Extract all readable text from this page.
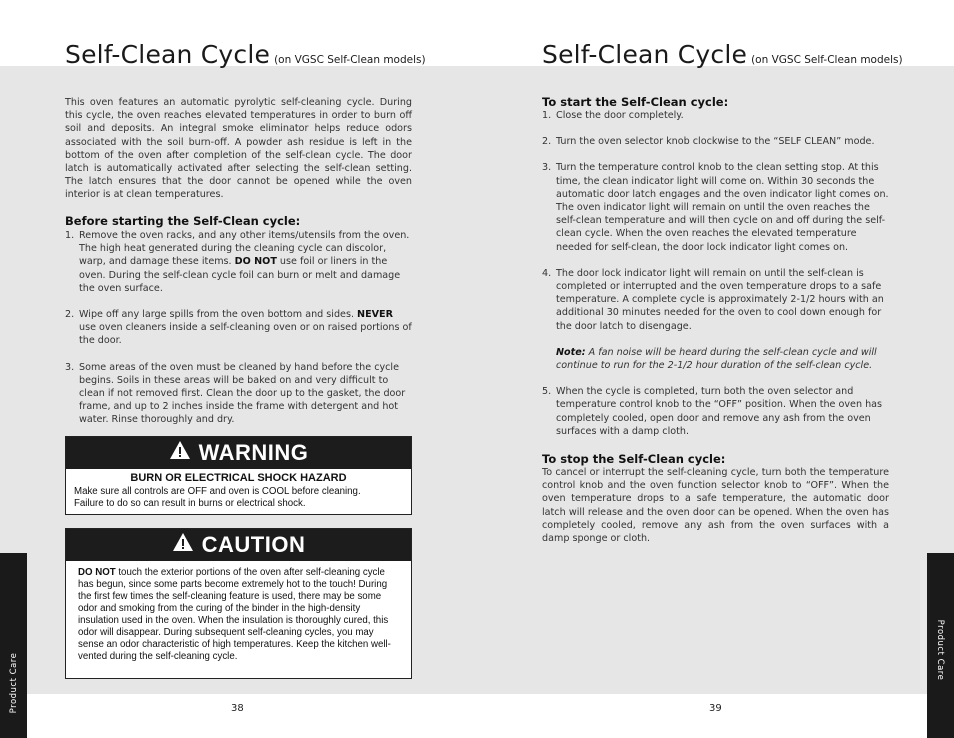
Self-Clean Cycle (on VGSC Self-Clean models)
This oven features an automatic pyrolytic self-cleaning cycle. During this cycle, the oven reaches elevated temperatures in order to burn off soil and deposits. An integral smoke eliminator helps reduce odors associated with the soil burn-off. A powder ash residue is left in the bottom of the oven after completion of the self-clean cycle. The door latch is automatically activated after selecting the self-clean setting. The latch ensures that the door cannot be opened while the oven interior is at clean temperatures.

Before starting the Self-Clean cycle:

1. Remove the oven racks, and any other items/utensils from the oven. The high heat generated during the cleaning cycle can discolor, warp, and damage these items. DO NOT use foil or liners in the oven. During the self-clean cycle foil can burn or melt and damage the oven surface.
2. Wipe off any large spills from the oven bottom and sides. NEVER use oven cleaners inside a self-cleaning oven or on raised portions of the door.
3. Some areas of the oven must be cleaned by hand before the cycle begins. Soils in these areas will be baked on and very difficult to clean if not removed first. Clean the door up to the gasket, the door frame, and up to 2 inches inside the frame with detergent and hot water. Rinse thoroughly and dry.
WARNING
BURN OR ELECTRICAL SHOCK HAZARD
Make sure all controls are OFF and oven is COOL before cleaning.
Failure to do so can result in burns or electrical shock.
CAUTION
DO NOT touch the exterior portions of the oven after self-cleaning cycle has begun, since some parts become extremely hot to the touch! During the first few times the self-cleaning feature is used, there may be some odor and smoking from the curing of the binder in the high-density insulation used in the oven. When the insulation is thoroughly cured, this odor will disappear. During subsequent self-cleaning cycles, you may sense an odor characteristic of high temperatures. Keep the kitchen well-vented during the self-cleaning cycle.
Product Care	38
Self-Clean Cycle (on VGSC Self-Clean models)

To start the Self-Clean cycle:

1. Close the door completely.
2. Turn the oven selector knob clockwise to the “SELF CLEAN” mode.
3. Turn the temperature control knob to the clean setting stop. At this time, the clean indicator light will come on. Within 30 seconds the automatic door latch engages and the oven indicator light comes on. The oven indicator light will remain on until the oven reaches the self-clean temperature and will then cycle on and off during the self-clean cycle. When the oven reaches the elevated temperature needed for self-clean, the door lock indicator light comes on.
4. The door lock indicator light will remain on until the self-clean is completed or interrupted and the oven temperature drops to a safe temperature. A complete cycle is approximately 2-1/2 hours with an additional 30 minutes needed for the oven to cool down enough for the door latch to disengage.
Note: A fan noise will be heard during the self-clean cycle and will continue to run for the 2-1/2 hour duration of the self-clean cycle.
5. When the cycle is completed, turn both the oven selector and temperature control knob to the “OFF” position. When the oven has completely cooled, open door and remove any ash from the oven surfaces with a damp cloth.

To stop the Self-Clean cycle:

To cancel or interrupt the self-cleaning cycle, turn both the temperature control knob and the oven function selector knob to “OFF”. When the oven temperature drops to a safe temperature, the automatic door latch will release and the oven door can be opened. When the oven has completely cooled, remove any ash from the oven surfaces with a damp sponge or cloth.
Product Care
39
